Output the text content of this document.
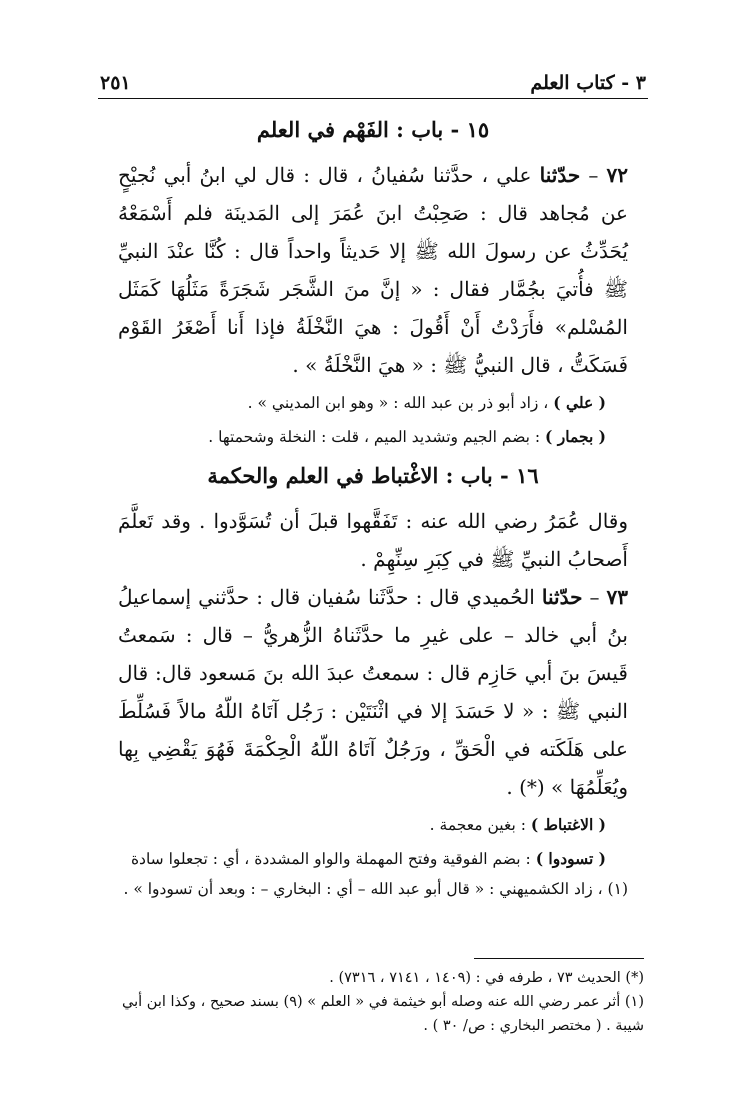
٣ - كتاب العلم
٢٥١
١٥ - باب : الفَهْم في العلم

٧٢ – حدّثنا علي ، حدَّثنا سُفيانُ ، قال : قال لي ابنُ أبي نُجيْحٍ عن مُجاهد قال : صَحِبْتُ ابنَ عُمَرَ إلى المَدينَة فلم أَسْمَعْهُ يُحَدِّثُ عن رسولَ الله ﷺ إلا حَديثاً واحداً قال : كُنَّا عنْدَ النبيِّ ﷺ فأُتيَ بجُمَّار فقال : « إنَّ منَ الشَّجَر شَجَرَةً مَثَلُهَا كَمَثَل المُسْلم» فأَرَدْتُ أَنْ أَقُولَ : هيَ النَّخْلَةُ فإذا أَنا أَصْغَرُ القَوْم فَسَكَتُّ ، قال النبيُّ ﷺ : « هيَ النَّخْلَةُ » .

( علي ) ، زاد أبو ذر بن عبد الله : « وهو ابن المديني » .

( بجمار ) : بضم الجيم وتشديد الميم ، قلت : النخلة وشحمتها .

١٦ - باب : الاغْتباط في العلم والحكمة

وقال عُمَرُ رضي الله عنه : تَفَقَّهوا قبلَ أن تُسَوَّدوا . وقد تَعلَّمَ أَصحابُ النبيِّ ﷺ في كِبَرِ سِنِّهِمْ .

٧٣ – حدّثنا الحُميدي قال : حدَّثَنا سُفيان قال : حدَّثني إسماعيلُ بنُ أبي خالد – على غيرِ ما حدَّثَناهُ الزُّهريُّ – قال : سَمعتُ قَيسَ بنَ أبي حَازِم قال : سمعتُ عبدَ الله بنَ مَسعود قال: قال النبي ﷺ : « لا حَسَدَ إلا في اثْنَتَيْن : رَجُل آتَاهُ اللّهُ مالاً فَسُلِّطَ على هَلَكَته في الْحَقِّ ، ورَجُلٌ آتَاهُ اللّهُ الْحِكْمَةَ فَهُوَ يَقْضِي بِها ويُعَلِّمُهَا » (*) .

( الاغتباط ) : بغين معجمة .

( تسودوا ) : بضم الفوقية وفتح المهملة والواو المشددة ، أي : تجعلوا سادة (١) ، زاد الكشميهني : « قال أبو عبد الله – أي : البخاري – : وبعد أن تسودوا » .

(*) الحديث ٧٣ ، طرفه في : (١٤٠٩ ، ٧١٤١ ، ٧٣١٦) .

(١) أثر عمر رضي الله عنه وصله أبو خيثمة في « العلم » (٩) بسند صحيح ، وكذا ابن أبي شيبة . ( مختصر البخاري : ص/ ٣٠ ) .
